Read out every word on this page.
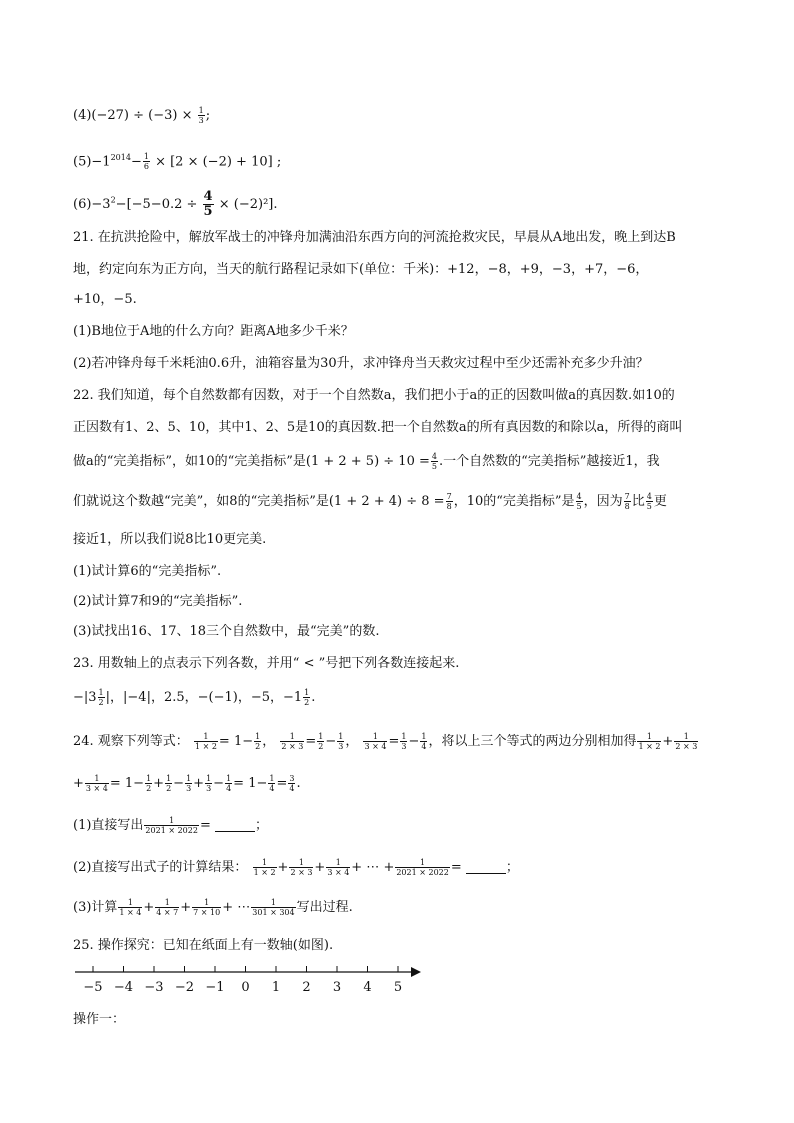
$(4)(-27) \div (-3) \times \frac{1}{3}$ ;
$(5)-1^{2014}- \frac{1}{6} \times [2 \times (-2) + 10]$ ;
$(6)-3^2-[-5-0.2 \div \frac{4}{5} \times (-2)^2]$.
21. 在抗洪抢险中，解放军战士的冲锋舟加满油沿东西方向的河流抢救灾民，早晨从A地出发，晚上到达B
地，约定向东为正方向，当天的航行路程记录如下(单位：千米)：+12，−8，+9，−3，+7，−6，
+10，−5.
(1)B地位于A地的什么方向？距离A地多少千米？
(2)若冲锋舟每千米耗油0.6升，油箱容量为30升，求冲锋舟当天救灾过程中至少还需补充多少升油？
22. 我们知道，每个自然数都有因数，对于一个自然数a，我们把小于a的正的因数叫做a的真因数.如10的
正因数有1、2、5、10，其中1、2、5是10的真因数.把一个自然数a的所有真因数的和除以a，所得的商叫
做a的“完美指标”，如10的“完美指标”是$(1 + 2 + 5) \div 10 = \frac{4}{5}$ .一个自然数的“完美指标”越接近1，我
们就说这个数越“完美”，如8的“完美指标”是$(1 + 2 + 4) \div 8 = \frac{7}{8}$ ，10的“完美指标”是 $\frac{4}{5}$ ，因为 $\frac{7}{8}$ 比 $\frac{4}{5}$ 更
接近1，所以我们说8比10更完美.
(1)试计算6的“完美指标”.
(2)试计算7和9的“完美指标”.
(3)试找出16、17、18三个自然数中，最“完美”的数.
23. 用数轴上的点表示下列各数，并用“ < ”号把下列各数连接起来.
$-|3 \frac{1}{2}$ |，|−4|，2.5，−(−1)，−5，$-1 \frac{1}{2}$ .
24. 观察下列等式： $\frac{1}{1 \times 2} = 1- \frac{1}{2}$ ， $\frac{1}{2 \times 3} = \frac{1}{2} - \frac{1}{3}$ ， $\frac{1}{3 \times 4} = \frac{1}{3} - \frac{1}{4}$ ，将以上三个等式的两边分别相加得 $\frac{1}{1 \times 2} + \frac{1}{2 \times 3}$
+ $\frac{1}{3 \times 4} = 1- \frac{1}{2} + \frac{1}{2} - \frac{1}{3} + \frac{1}{3} - \frac{1}{4} = 1- \frac{1}{4} = \frac{3}{4}$ .
(1)直接写出 $\frac{1}{2021 \times 2022}$ =	；
(2)直接写出式子的计算结果： $\frac{1}{1 \times 2} + \frac{1}{2 \times 3} + \frac{1}{3 \times 4}$ + ⋯ + $\frac{1}{2021 \times 2022}$ =	；
(3)计算 $\frac{1}{1 \times 4} + \frac{1}{4 \times 7} + \frac{1}{7 \times 10}$ + ⋯ $\frac{1}{301 \times 304}$ 写出过程.
25. 操作探究：已知在纸面上有一数轴(如图).
−5 −4 −3 −2 −1 0 1 2 3 4 5
操作一：
